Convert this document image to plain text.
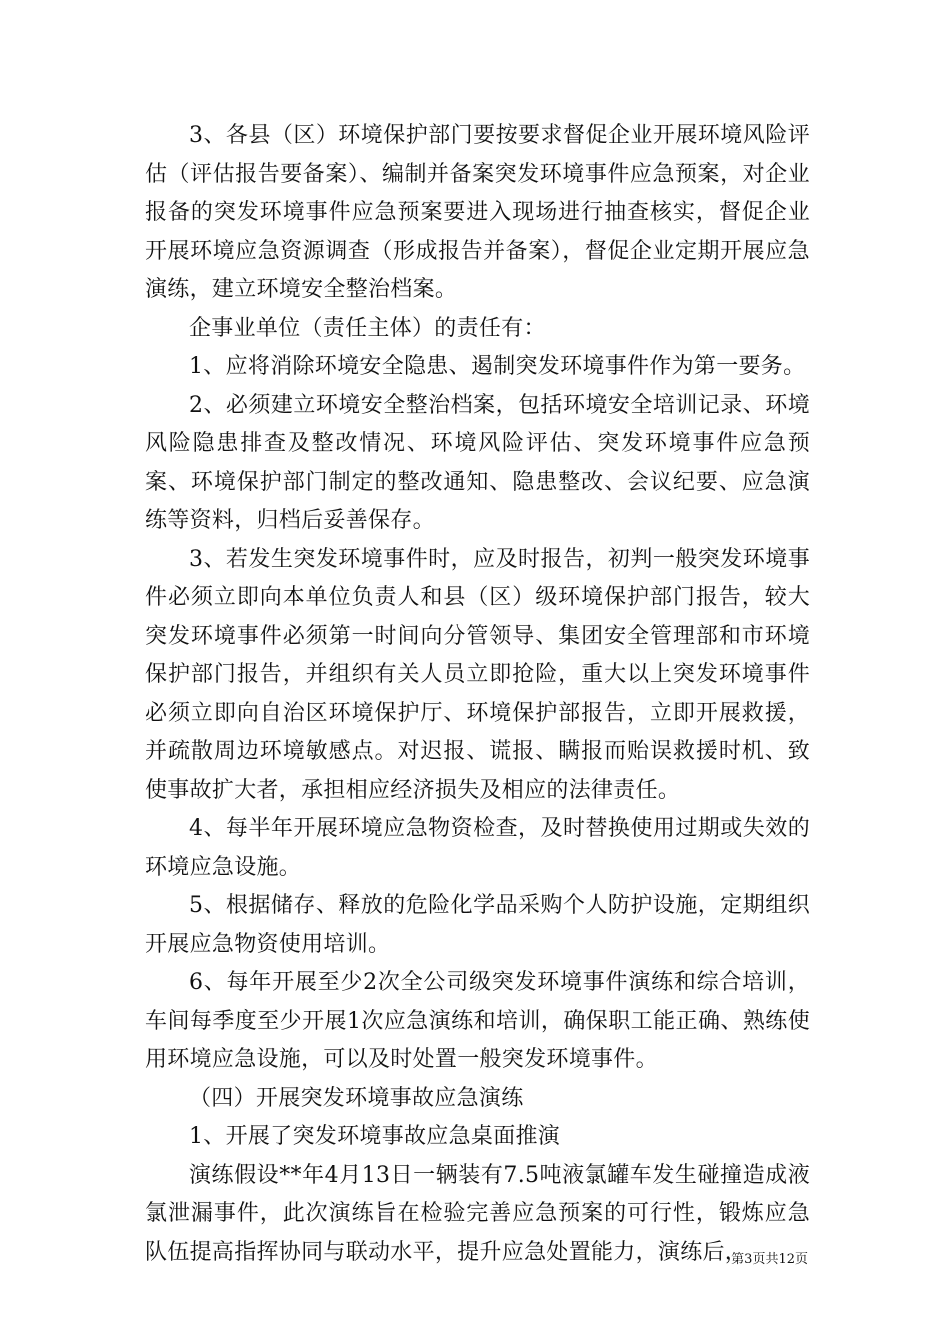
3、各县（区）环境保护部门要按要求督促企业开展环境风险评估（评估报告要备案）、编制并备案突发环境事件应急预案，对企业报备的突发环境事件应急预案要进入现场进行抽查核实，督促企业开展环境应急资源调查（形成报告并备案），督促企业定期开展应急演练，建立环境安全整治档案。

企事业单位（责任主体）的责任有：

1、应将消除环境安全隐患、遏制突发环境事件作为第一要务。

2、必须建立环境安全整治档案，包括环境安全培训记录、环境风险隐患排查及整改情况、环境风险评估、突发环境事件应急预案、环境保护部门制定的整改通知、隐患整改、会议纪要、应急演练等资料，归档后妥善保存。

3、若发生突发环境事件时，应及时报告，初判一般突发环境事件必须立即向本单位负责人和县（区）级环境保护部门报告，较大突发环境事件必须第一时间向分管领导、集团安全管理部和市环境保护部门报告，并组织有关人员立即抢险，重大以上突发环境事件必须立即向自治区环境保护厅、环境保护部报告，立即开展救援，并疏散周边环境敏感点。对迟报、谎报、瞒报而贻误救援时机、致使事故扩大者，承担相应经济损失及相应的法律责任。

4、每半年开展环境应急物资检查，及时替换使用过期或失效的环境应急设施。

5、根据储存、释放的危险化学品采购个人防护设施，定期组织开展应急物资使用培训。

6、每年开展至少2次全公司级突发环境事件演练和综合培训，车间每季度至少开展1次应急演练和培训，确保职工能正确、熟练使用环境应急设施，可以及时处置一般突发环境事件。

（四）开展突发环境事故应急演练

1、开展了突发环境事故应急桌面推演

演练假设**年4月13日一辆装有7.5吨液氯罐车发生碰撞造成液氯泄漏事件，此次演练旨在检验完善应急预案的可行性，锻炼应急队伍提高指挥协同与联动水平，提升应急处置能力，演练后，

第3页共12页
